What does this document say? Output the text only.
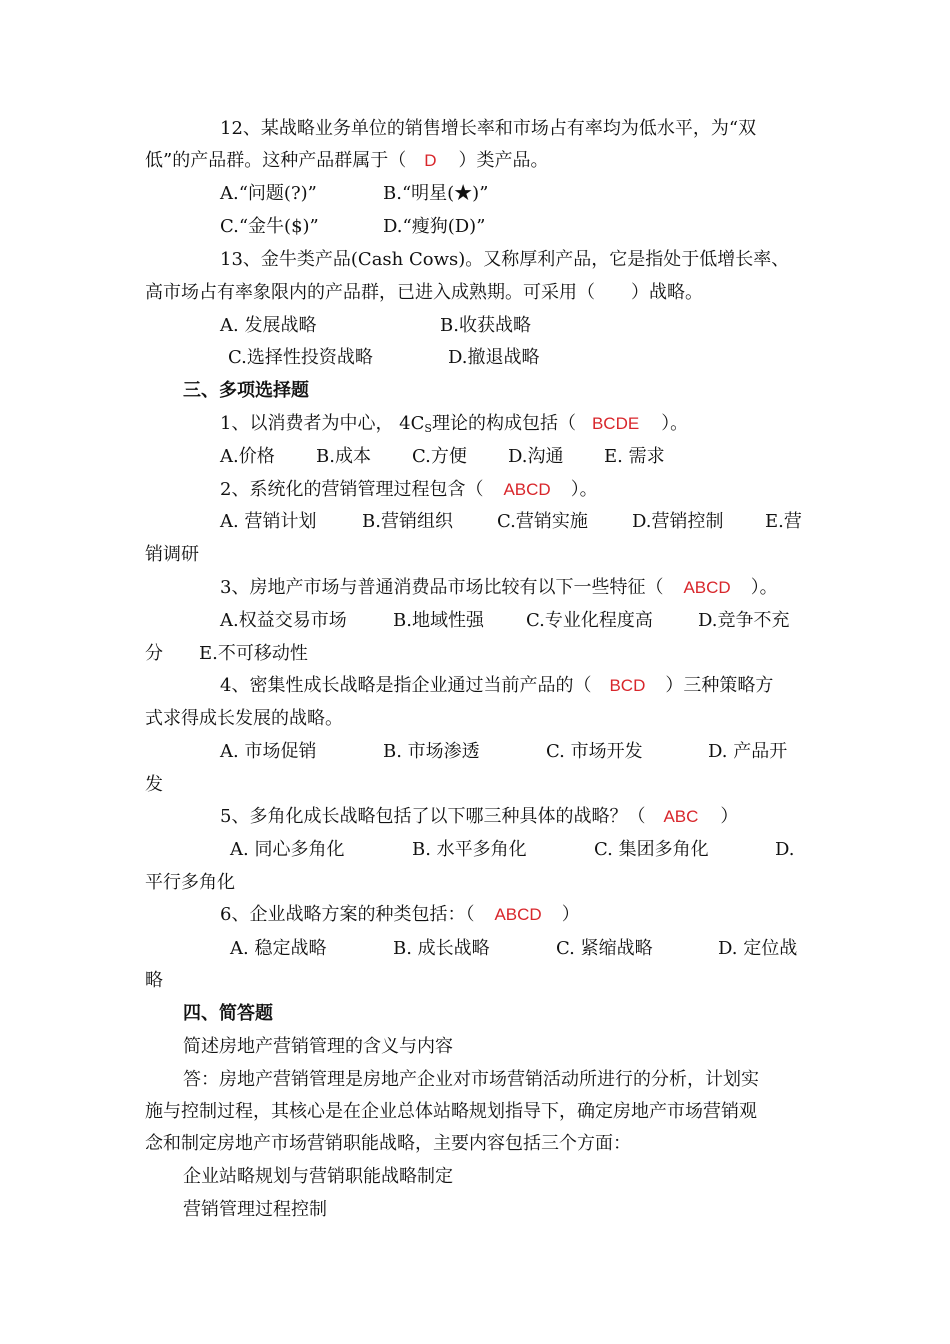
12、某战略业务单位的销售增长率和市场占有率均为低水平，为“双
低”的产品群。这种产品群属于（ D ）类产品。
A.“问题(?)”	B.“明星(★)”
C.“金牛($)”	D.“瘦狗(D)”
13、金牛类产品(Cash Cows)。又称厚利产品，它是指处于低增长率、
高市场占有率象限内的产品群，已进入成熟期。可采用（　　）战略。
A. 发展战略	B.收获战略
C.选择性投资战略	D.撤退战略
三、多项选择题
1、以消费者为中心， $4C_S$理论的构成包括（ BCDE ）。
A.价格 B.成本 C.方便 D.沟通 E. 需求
2、系统化的营销管理过程包含（ ABCD ）。
A. 营销计划	B.营销组织 C.营销实施 D.营销控制 E.营
销调研
3、房地产市场与普通消费品市场比较有以下一些特征（ ABCD ）。
A.权益交易市场	B.地域性强 C.专业化程度高	D.竞争不充
分 E.不可移动性
4、密集性成长战略是指企业通过当前产品的（ BCD ）三种策略方
式求得成长发展的战略。
A. 市场促销	B. 市场渗透	C. 市场开发	D. 产品开
发
5、多角化成长战略包括了以下哪三种具体的战略？（ ABC ）
A. 同心多角化	B. 水平多角化	C. 集团多角化	D.
平行多角化
6、企业战略方案的种类包括：（ ABCD ）
A. 稳定战略	B. 成长战略	C. 紧缩战略	D. 定位战
略
四、简答题
简述房地产营销管理的含义与内容
答：房地产营销管理是房地产企业对市场营销活动所进行的分析，计划实
施与控制过程，其核心是在企业总体站略规划指导下，确定房地产市场营销观
念和制定房地产市场营销职能战略，主要内容包括三个方面：
企业站略规划与营销职能战略制定
营销管理过程控制
